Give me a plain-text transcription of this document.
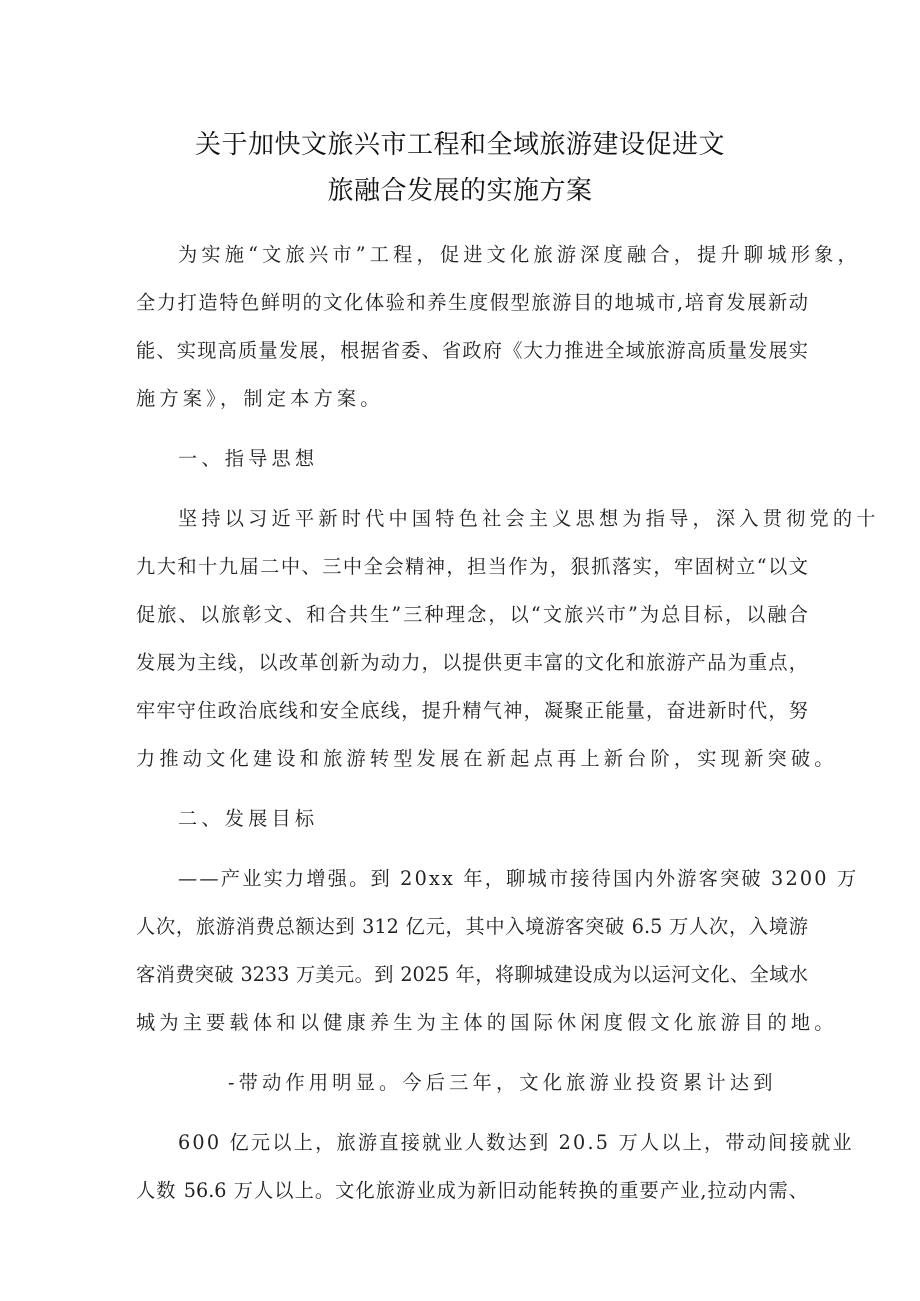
关于加快文旅兴市工程和全域旅游建设促进文
旅融合发展的实施方案
为实施“文旅兴市”工程，促进文化旅游深度融合，提升聊城形象，
全力打造特色鲜明的文化体验和养生度假型旅游目的地城市,培育发展新动
能、实现高质量发展，根据省委、省政府《大力推进全域旅游高质量发展实
施方案》，制定本方案。
一、指导思想
坚持以习近平新时代中国特色社会主义思想为指导，深入贯彻党的十
九大和十九届二中、三中全会精神，担当作为，狠抓落实，牢固树立“以文
促旅、以旅彰文、和合共生”三种理念，以“文旅兴市”为总目标，以融合
发展为主线，以改革创新为动力，以提供更丰富的文化和旅游产品为重点，
牢牢守住政治底线和安全底线，提升精气神，凝聚正能量，奋进新时代，努
力推动文化建设和旅游转型发展在新起点再上新台阶，实现新突破。
二、发展目标
——产业实力增强。到 20xx 年，聊城市接待国内外游客突破 3200 万
人次，旅游消费总额达到 312 亿元，其中入境游客突破 6.5 万人次，入境游
客消费突破 3233 万美元。到 2025 年，将聊城建设成为以运河文化、全域水
城为主要载体和以健康养生为主体的国际休闲度假文化旅游目的地。
-带动作用明显。今后三年，文化旅游业投资累计达到
600 亿元以上，旅游直接就业人数达到 20.5 万人以上，带动间接就业
人数 56.6 万人以上。文化旅游业成为新旧动能转换的重要产业,拉动内需、
